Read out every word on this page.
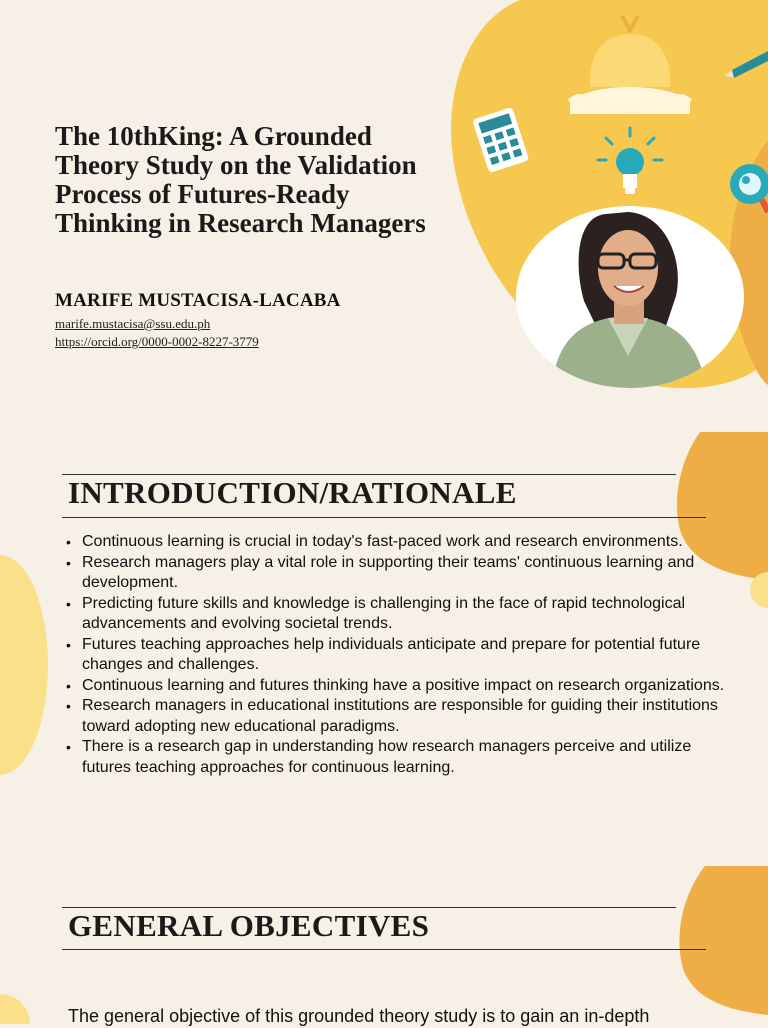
The 10thKing: A Grounded
Theory Study on the Validation
Process of Futures-Ready
Thinking in Research Managers
MARIFE MUSTACISA-LACABA
marife.mustacisa@ssu.edu.ph
https://orcid.org/0000-0002-8227-3779
INTRODUCTION/RATIONALE
• Continuous learning is crucial in today's fast-paced work and research environments.
• Research managers play a vital role in supporting their teams' continuous learning and development.
• Predicting future skills and knowledge is challenging in the face of rapid technological advancements and evolving societal trends.
• Futures teaching approaches help individuals anticipate and prepare for potential future changes and challenges.
• Continuous learning and futures thinking have a positive impact on research organizations.
• Research managers in educational institutions are responsible for guiding their institutions toward adopting new educational paradigms.
• There is a research gap in understanding how research managers perceive and utilize futures teaching approaches for continuous learning.
GENERAL OBJECTIVES

The general objective of this grounded theory study is to gain an in-depth
